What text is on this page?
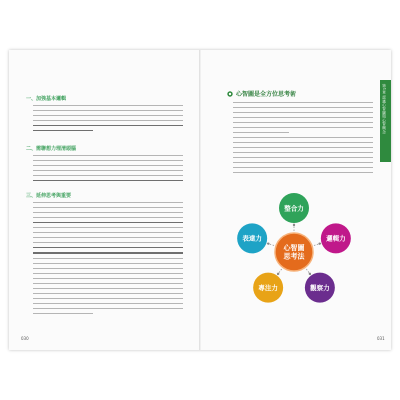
一、加強基本邏輯
二、需聯想力理清頭腦
三、延伸思考與重要
030
心智圖是全方位思考術	第1章 認識心智圖與心智概念
整合力
邏輯力
觀察力
專注力
表達力
心智圖
思考法
031
